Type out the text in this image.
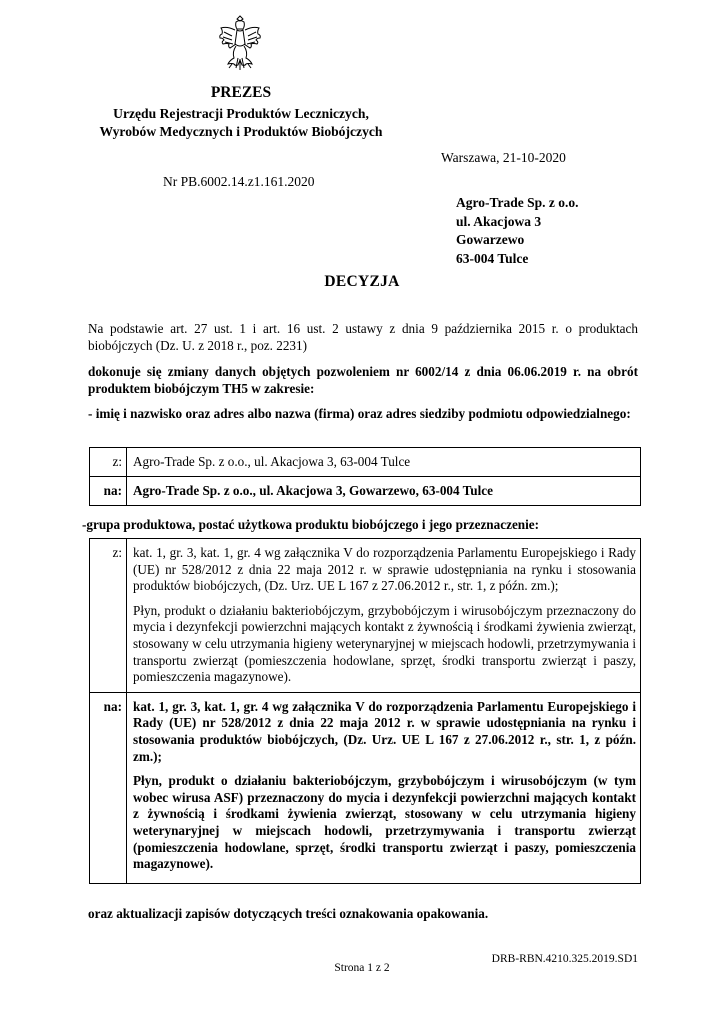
PREZES
Urzędu Rejestracji Produktów Leczniczych,
Wyrobów Medycznych i Produktów Biobójczych
Warszawa, 21-10-2020
Nr PB.6002.14.z1.161.2020
Agro-Trade Sp. z o.o.
ul. Akacjowa 3
Gowarzewo
63-004 Tulce
DECYZJA
Na podstawie art. 27 ust. 1 i art. 16 ust. 2 ustawy z dnia 9 października 2015 r. o produktach biobójczych (Dz. U. z 2018 r., poz. 2231)
dokonuje się zmiany danych objętych pozwoleniem nr 6002/14 z dnia 06.06.2019 r. na obrót produktem biobójczym TH5 w zakresie:
- imię i nazwisko oraz adres albo nazwa (firma) oraz adres siedziby podmiotu odpowiedzialnego:
z:	Agro-Trade Sp. z o.o., ul. Akacjowa 3, 63-004 Tulce
na:	Agro-Trade Sp. z o.o., ul. Akacjowa 3, Gowarzewo, 63-004 Tulce
-grupa produktowa, postać użytkowa produktu biobójczego i jego przeznaczenie:
z:	kat. 1, gr. 3, kat. 1, gr. 4 wg załącznika V do rozporządzenia Parlamentu Europejskiego i Rady (UE) nr 528/2012 z dnia 22 maja 2012 r. w sprawie udostępniania na rynku i stosowania produktów biobójczych, (Dz. Urz. UE L 167 z 27.06.2012 r., str. 1, z późn. zm.);

Płyn, produkt o działaniu bakteriobójczym, grzybobójczym i wirusobójczym przeznaczony do mycia i dezynfekcji powierzchni mających kontakt z żywnością i środkami żywienia zwierząt, stosowany w celu utrzymania higieny weterynaryjnej w miejscach hodowli, przetrzymywania i transportu zwierząt (pomieszczenia hodowlane, sprzęt, środki transportu zwierząt i paszy, pomieszczenia magazynowe).

na:	kat. 1, gr. 3, kat. 1, gr. 4 wg załącznika V do rozporządzenia Parlamentu Europejskiego i Rady (UE) nr 528/2012 z dnia 22 maja 2012 r. w sprawie udostępniania na rynku i stosowania produktów biobójczych, (Dz. Urz. UE L 167 z 27.06.2012 r., str. 1, z późn. zm.);

Płyn, produkt o działaniu bakteriobójczym, grzybobójczym i wirusobójczym (w tym wobec wirusa ASF) przeznaczony do mycia i dezynfekcji powierzchni mających kontakt z żywnością i środkami żywienia zwierząt, stosowany w celu utrzymania higieny weterynaryjnej w miejscach hodowli, przetrzymywania i transportu zwierząt (pomieszczenia hodowlane, sprzęt, środki transportu zwierząt i paszy, pomieszczenia magazynowe).

oraz aktualizacji zapisów dotyczących treści oznakowania opakowania.
DRB-RBN.4210.325.2019.SD1
Strona 1 z 2
